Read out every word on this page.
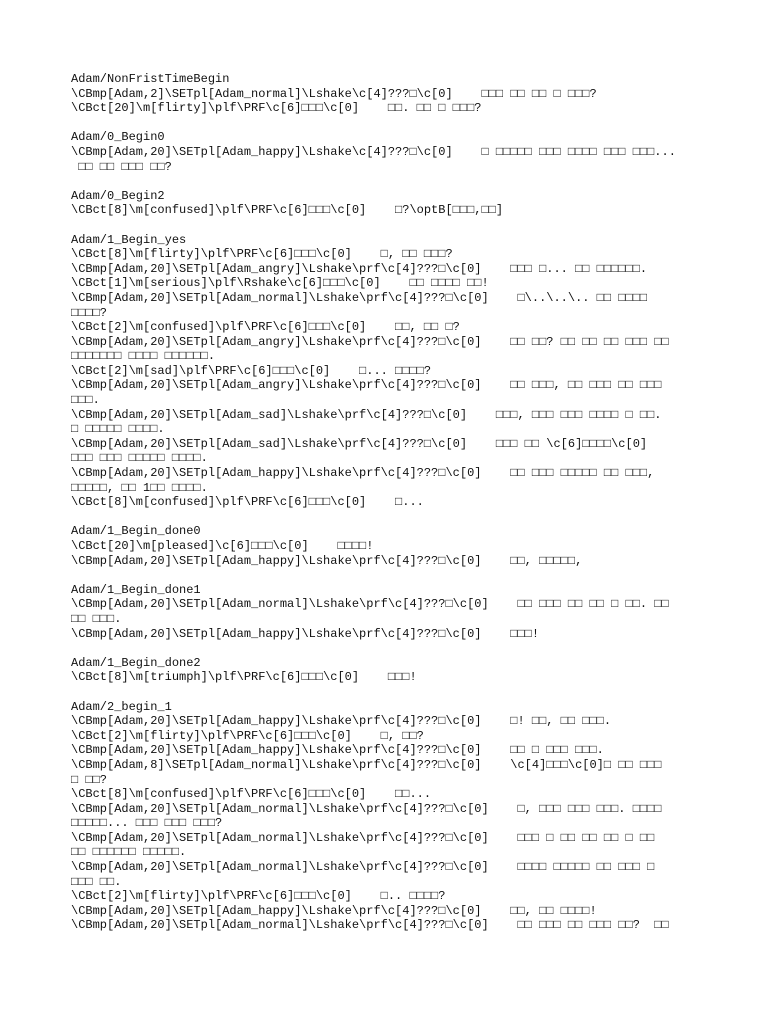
Adam/NonFristTimeBegin
\CBmp[Adam,2]\SETpl[Adam_normal]\Lshake\c[4]???□\c[0]    □□□ □□ □□ □ □□□?
\CBct[20]\m[flirty]\plf\PRF\c[6]□□□\c[0]    □□. □□ □ □□□?
Adam/0_Begin0
\CBmp[Adam,20]\SETpl[Adam_happy]\Lshake\c[4]???□\c[0]    □ □□□□□ □□□ □□□□ □□□ □□□...
□□ □□ □□□ □□?
Adam/0_Begin2
\CBct[8]\m[confused]\plf\PRF\c[6]□□□\c[0]    □?\optB[□□□,□□]
Adam/1_Begin_yes
\CBct[8]\m[flirty]\plf\PRF\c[6]□□□\c[0]    □, □□ □□□?
\CBmp[Adam,20]\SETpl[Adam_angry]\Lshake\prf\c[4]???□\c[0]    □□□ □... □□ □□□□□□.
\CBct[1]\m[serious]\plf\Rshake\c[6]□□□\c[0]    □□ □□□□ □□!
\CBmp[Adam,20]\SETpl[Adam_normal]\Lshake\prf\c[4]???□\c[0]    □\..\..\.. □□ □□□□
□□□□?
\CBct[2]\m[confused]\plf\PRF\c[6]□□□\c[0]    □□, □□ □?
\CBmp[Adam,20]\SETpl[Adam_angry]\Lshake\prf\c[4]???□\c[0]    □□ □□? □□ □□ □□ □□□ □□
□□□□□□□ □□□□ □□□□□□.
\CBct[2]\m[sad]\plf\PRF\c[6]□□□\c[0]    □... □□□□?
\CBmp[Adam,20]\SETpl[Adam_angry]\Lshake\prf\c[4]???□\c[0]    □□ □□□, □□ □□□ □□ □□□
□□□.
\CBmp[Adam,20]\SETpl[Adam_sad]\Lshake\prf\c[4]???□\c[0]    □□□, □□□ □□□ □□□□ □ □□.
□ □□□□□ □□□□.
\CBmp[Adam,20]\SETpl[Adam_sad]\Lshake\prf\c[4]???□\c[0]    □□□ □□ \c[6]□□□□\c[0]
□□□ □□□ □□□□□ □□□□.
\CBmp[Adam,20]\SETpl[Adam_happy]\Lshake\prf\c[4]???□\c[0]    □□ □□□ □□□□□ □□ □□□,
□□□□□, □□ 1□□ □□□□.
\CBct[8]\m[confused]\plf\PRF\c[6]□□□\c[0]    □...
Adam/1_Begin_done0
\CBct[20]\m[pleased]\c[6]□□□\c[0]    □□□□!
\CBmp[Adam,20]\SETpl[Adam_happy]\Lshake\prf\c[4]???□\c[0]    □□, □□□□□,
Adam/1_Begin_done1
\CBmp[Adam,20]\SETpl[Adam_normal]\Lshake\prf\c[4]???□\c[0]    □□ □□□ □□ □□ □ □□. □□
□□ □□□.
\CBmp[Adam,20]\SETpl[Adam_happy]\Lshake\prf\c[4]???□\c[0]    □□□!
Adam/1_Begin_done2
\CBct[8]\m[triumph]\plf\PRF\c[6]□□□\c[0]    □□□!
Adam/2_begin_1
\CBmp[Adam,20]\SETpl[Adam_happy]\Lshake\prf\c[4]???□\c[0]    □! □□, □□ □□□.
\CBct[2]\m[flirty]\plf\PRF\c[6]□□□\c[0]    □, □□?
\CBmp[Adam,20]\SETpl[Adam_happy]\Lshake\prf\c[4]???□\c[0]    □□ □ □□□ □□□.
\CBmp[Adam,8]\SETpl[Adam_normal]\Lshake\prf\c[4]???□\c[0]    \c[4]□□□\c[0]□ □□ □□□
□ □□?
\CBct[8]\m[confused]\plf\PRF\c[6]□□□\c[0]    □□...
\CBmp[Adam,20]\SETpl[Adam_normal]\Lshake\prf\c[4]???□\c[0]    □, □□□ □□□ □□□. □□□□
□□□□□... □□□ □□□ □□□?
\CBmp[Adam,20]\SETpl[Adam_normal]\Lshake\prf\c[4]???□\c[0]    □□□ □ □□ □□ □□ □ □□
□□ □□□□□□ □□□□□.
\CBmp[Adam,20]\SETpl[Adam_normal]\Lshake\prf\c[4]???□\c[0]    □□□□ □□□□□ □□ □□□ □
□□□ □□.
\CBct[2]\m[flirty]\plf\PRF\c[6]□□□\c[0]    □.. □□□□?
\CBmp[Adam,20]\SETpl[Adam_happy]\Lshake\prf\c[4]???□\c[0]    □□, □□ □□□□!
\CBmp[Adam,20]\SETpl[Adam_normal]\Lshake\prf\c[4]???□\c[0]    □□ □□□ □□ □□□ □□?  □□
